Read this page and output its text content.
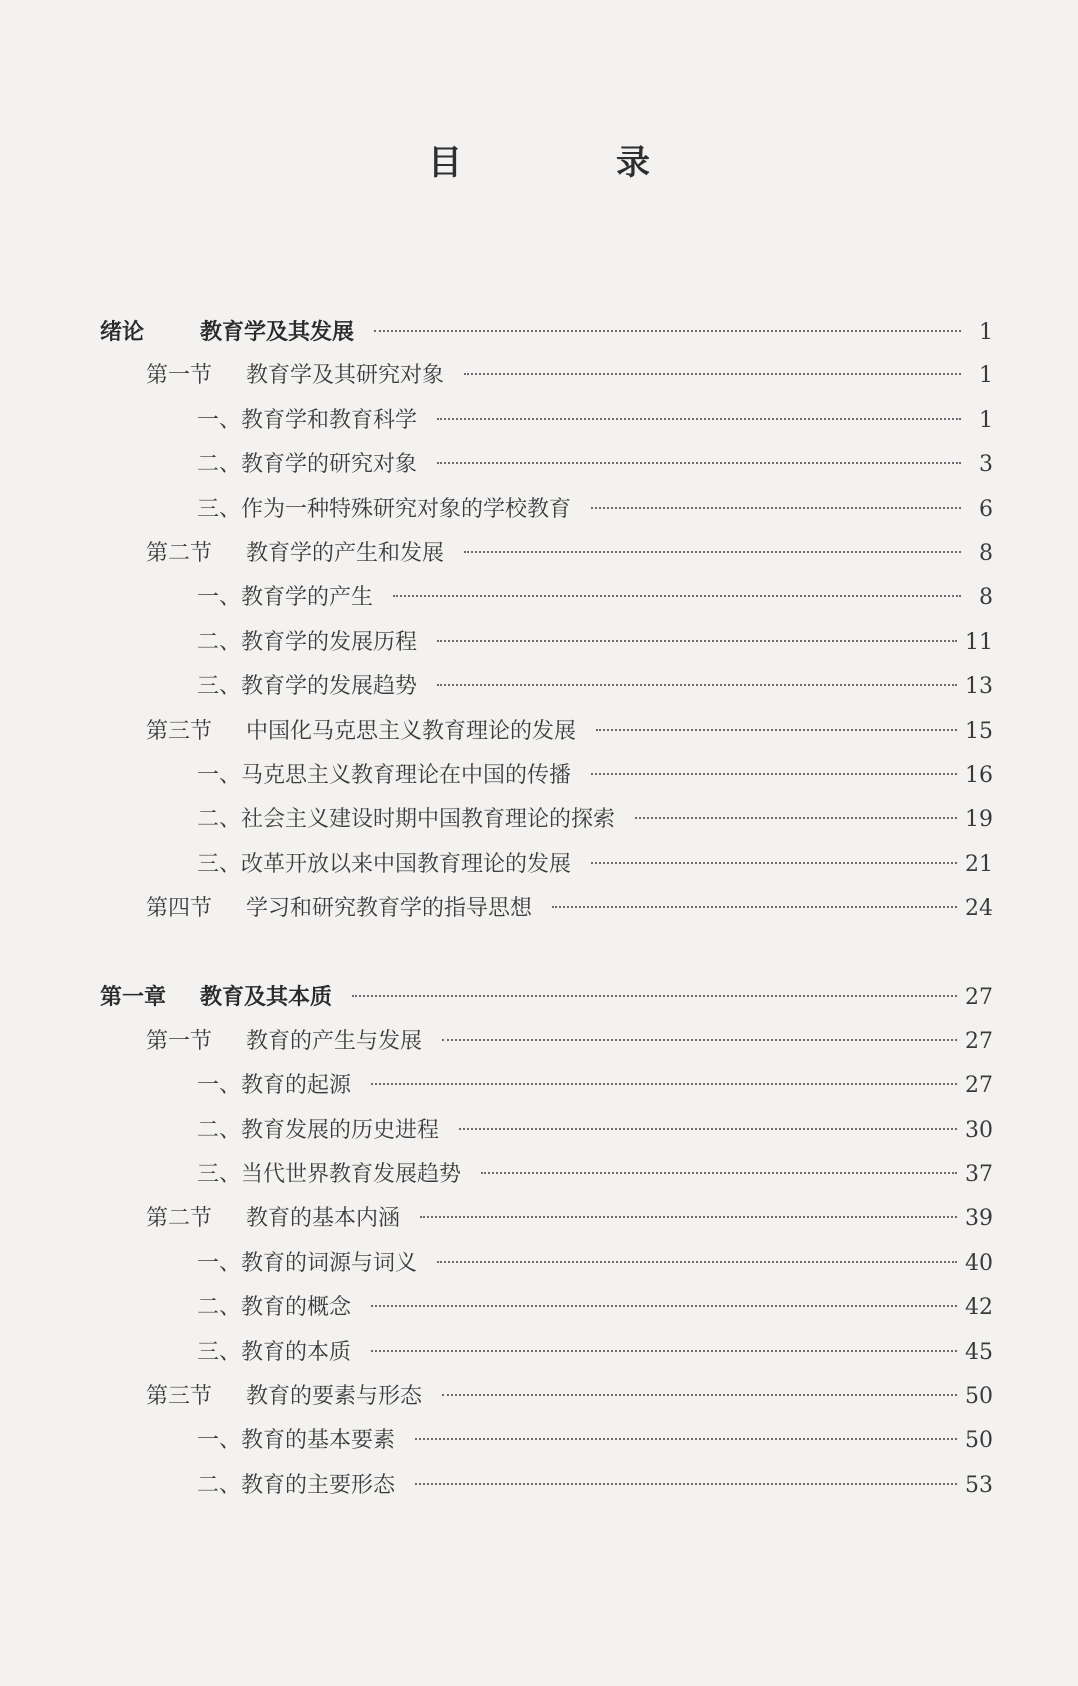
目　录
绪论	教育学及其发展	1
第一节	教育学及其研究对象	1
一、 教育学和教育科学	1
二、 教育学的研究对象	3
三、 作为一种特殊研究对象的学校教育	6
第二节	教育学的产生和发展	8
一、 教育学的产生	8
二、 教育学的发展历程	11
三、 教育学的发展趋势	13
第三节	中国化马克思主义教育理论的发展	15
一、 马克思主义教育理论在中国的传播	16
二、 社会主义建设时期中国教育理论的探索	19
三、 改革开放以来中国教育理论的发展	21
第四节	学习和研究教育学的指导思想	24
第一章	教育及其本质	27
第一节	教育的产生与发展	27
一、 教育的起源	27
二、 教育发展的历史进程	30
三、 当代世界教育发展趋势	37
第二节	教育的基本内涵	39
一、 教育的词源与词义	40
二、 教育的概念	42
三、 教育的本质	45
第三节	教育的要素与形态	50
一、 教育的基本要素	50
二、 教育的主要形态	53
